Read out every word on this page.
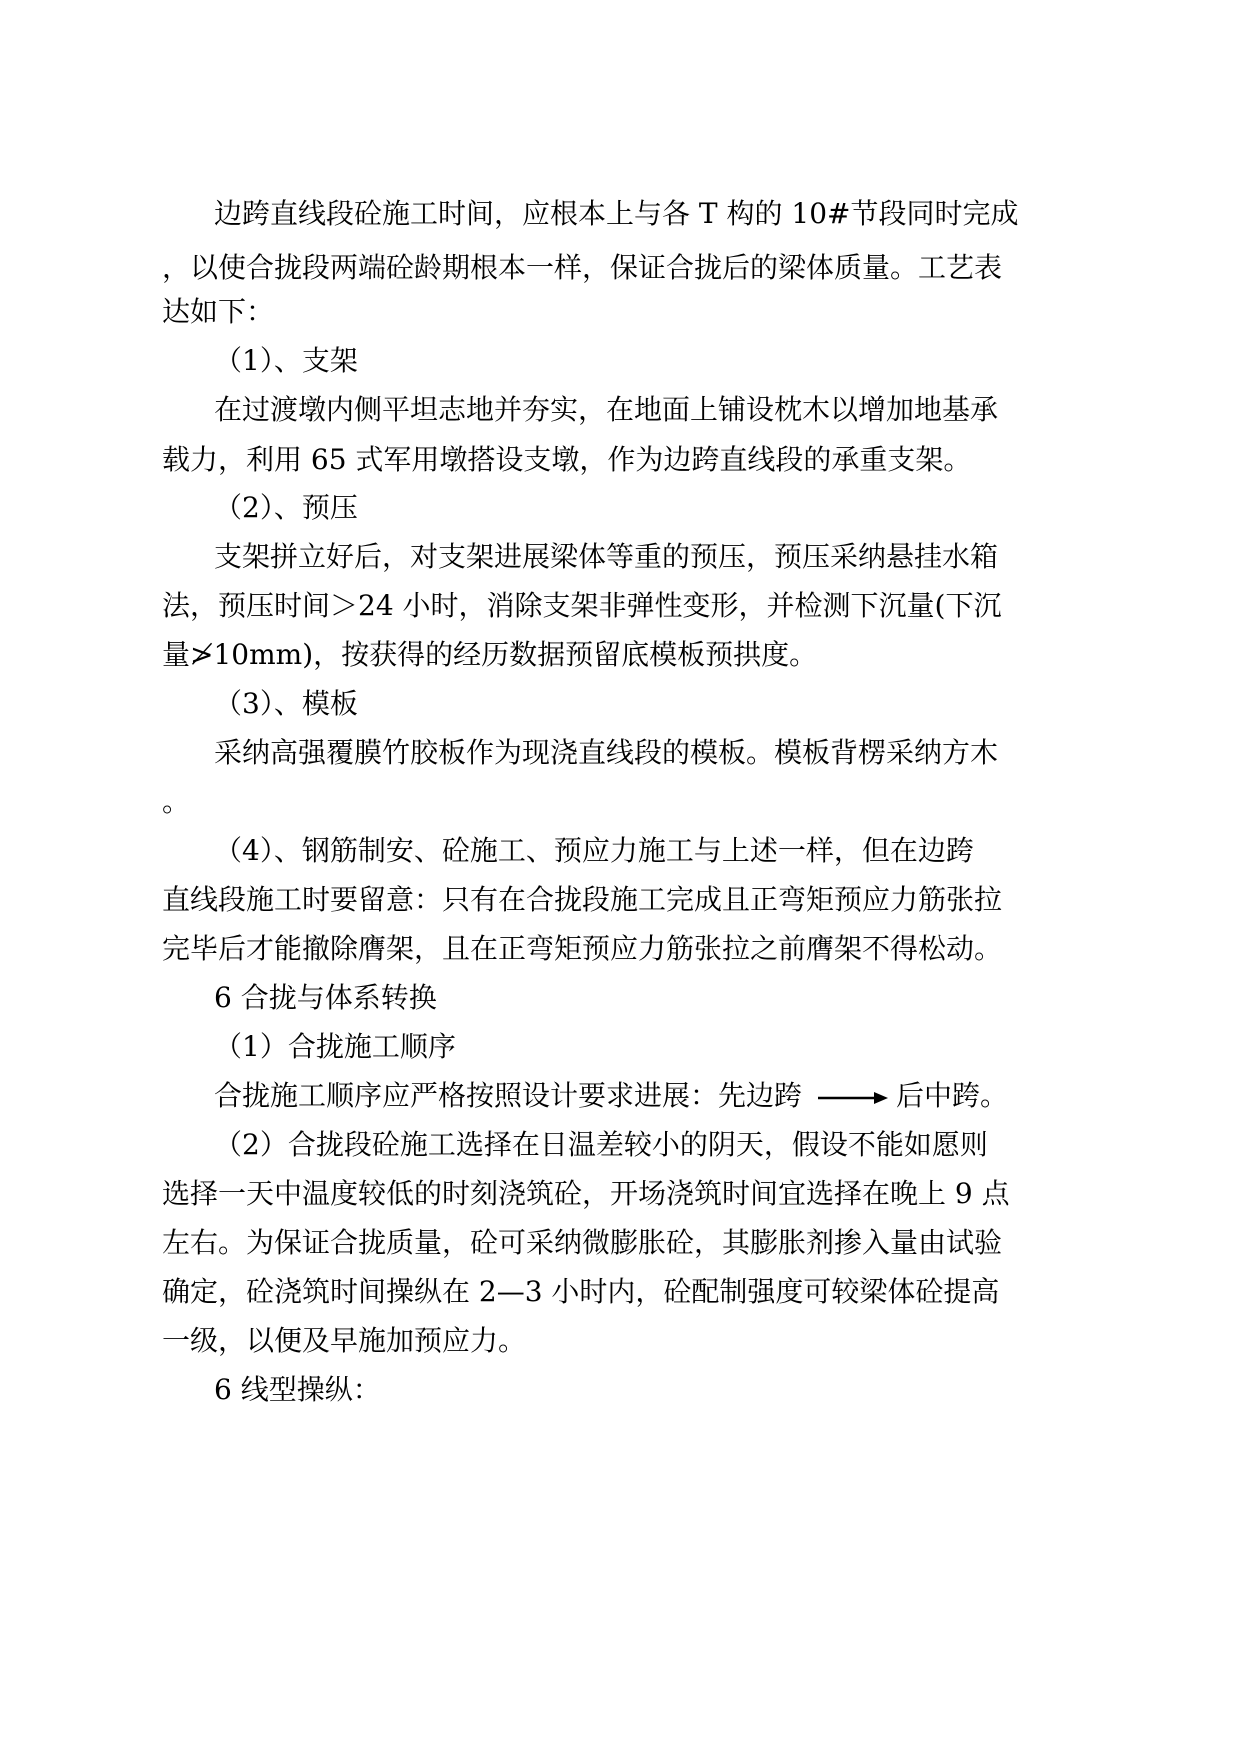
边跨直线段砼施工时间，应根本上与各 T 构的 10#节段同时完成
，以使合拢段两端砼龄期根本一样，保证合拢后的梁体质量。工艺表
达如下：
（1）、支架
在过渡墩内侧平坦志地并夯实，在地面上铺设枕木以增加地基承
载力，利用 65 式军用墩搭设支墩，作为边跨直线段的承重支架。
（2）、预压
支架拼立好后，对支架进展梁体等重的预压，预压采纳悬挂水箱
法，预压时间＞24 小时，消除支架非弹性变形，并检测下沉量(下沉
量≯10mm)，按获得的经历数据预留底模板预拱度。
（3）、模板
采纳高强覆膜竹胶板作为现浇直线段的模板。模板背楞采纳方木
。
（4）、钢筋制安、砼施工、预应力施工与上述一样，但在边跨
直线段施工时要留意：只有在合拢段施工完成且正弯矩预应力筋张拉
完毕后才能撤除膺架，且在正弯矩预应力筋张拉之前膺架不得松动。
6 合拢与体系转换
（1）合拢施工顺序
合拢施工顺序应严格按照设计要求进展：先边跨	后中跨。
（2）合拢段砼施工选择在日温差较小的阴天，假设不能如愿则
选择一天中温度较低的时刻浇筑砼，开场浇筑时间宜选择在晚上 9 点
左右。为保证合拢质量，砼可采纳微膨胀砼，其膨胀剂掺入量由试验
确定，砼浇筑时间操纵在 2—3 小时内，砼配制强度可较梁体砼提高
一级，以便及早施加预应力。
6 线型操纵：
